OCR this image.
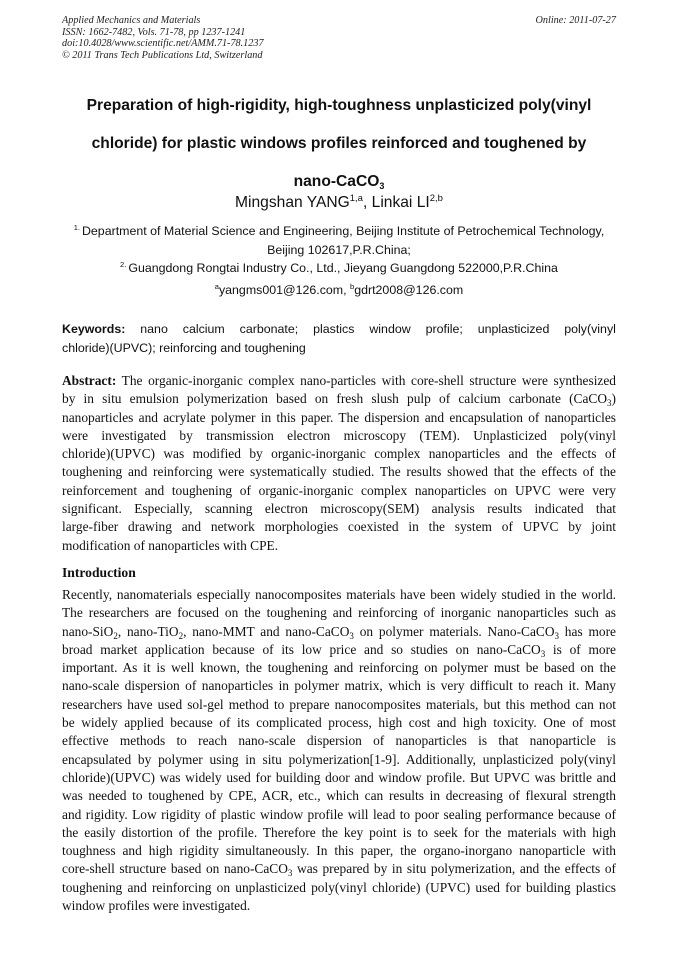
Applied Mechanics and Materials	Online: 2011-07-27
ISSN: 1662-7482, Vols. 71-78, pp 1237-1241
doi:10.4028/www.scientific.net/AMM.71-78.1237
© 2011 Trans Tech Publications Ltd, Switzerland
Preparation of high-rigidity, high-toughness unplasticized poly(vinyl
chloride) for plastic windows profiles reinforced and toughened by
nano-CaCO$_3$
Mingshan YANG$^{1,a}$, Linkai LI$^{2,b}$
$^{1.}$ Department of Material Science and Engineering, Beijing Institute of Petrochemical Technology,
Beijing 102617,P.R.China;
$^{2.}$ Guangdong Rongtai Industry Co., Ltd., Jieyang Guangdong 522000,P.R.China
$^a$yangms001@126.com, $^b$gdrt2008@126.com
Keywords: nano calcium carbonate; plastics window profile; unplasticized poly(vinyl
chloride)(UPVC); reinforcing and toughening
Abstract: The organic-inorganic complex nano-particles with core-shell structure were synthesized
by in situ emulsion polymerization based on fresh slush pulp of calcium carbonate (CaCO$_3$)
nanoparticles and acrylate polymer in this paper. The dispersion and encapsulation of nanoparticles
were investigated by transmission electron microscopy (TEM). Unplasticized poly(vinyl
chloride)(UPVC) was modified by organic-inorganic complex nanoparticles and the effects of
toughening and reinforcing were systematically studied. The results showed that the effects of the
reinforcement and toughening of organic-inorganic complex nanoparticles on UPVC were very
significant. Especially, scanning electron microscopy(SEM) analysis results indicated that
large-fiber drawing and network morphologies coexisted in the system of UPVC by joint
modification of nanoparticles with CPE.
Introduction
Recently, nanomaterials especially nanocomposites materials have been widely studied in the world.
The researchers are focused on the toughening and reinforcing of inorganic nanoparticles such as
nano-SiO$_2$, nano-TiO$_2$, nano-MMT and nano-CaCO$_3$ on polymer materials. Nano-CaCO$_3$ has more
broad market application because of its low price and so studies on nano-CaCO$_3$ is of more
important. As it is well known, the toughening and reinforcing on polymer must be based on the
nano-scale dispersion of nanoparticles in polymer matrix, which is very difficult to reach it. Many
researchers have used sol-gel method to prepare nanocomposites materials, but this method can not
be widely applied because of its complicated process, high cost and high toxicity. One of most
effective methods to reach nano-scale dispersion of nanoparticles is that nanoparticle is
encapsulated by polymer using in situ polymerization[1-9]. Additionally, unplasticized poly(vinyl
chloride)(UPVC) was widely used for building door and window profile. But UPVC was brittle and
was needed to toughened by CPE, ACR, etc., which can results in decreasing of flexural strength
and rigidity. Low rigidity of plastic window profile will lead to poor sealing performance because of
the easily distortion of the profile. Therefore the key point is to seek for the materials with high
toughness and high rigidity simultaneously. In this paper, the organo-inorgano nanoparticle with
core-shell structure based on nano-CaCO$_3$ was prepared by in situ polymerization, and the effects of
toughening and reinforcing on unplasticized poly(vinyl chloride) (UPVC) used for building plastics
window profiles were investigated.
